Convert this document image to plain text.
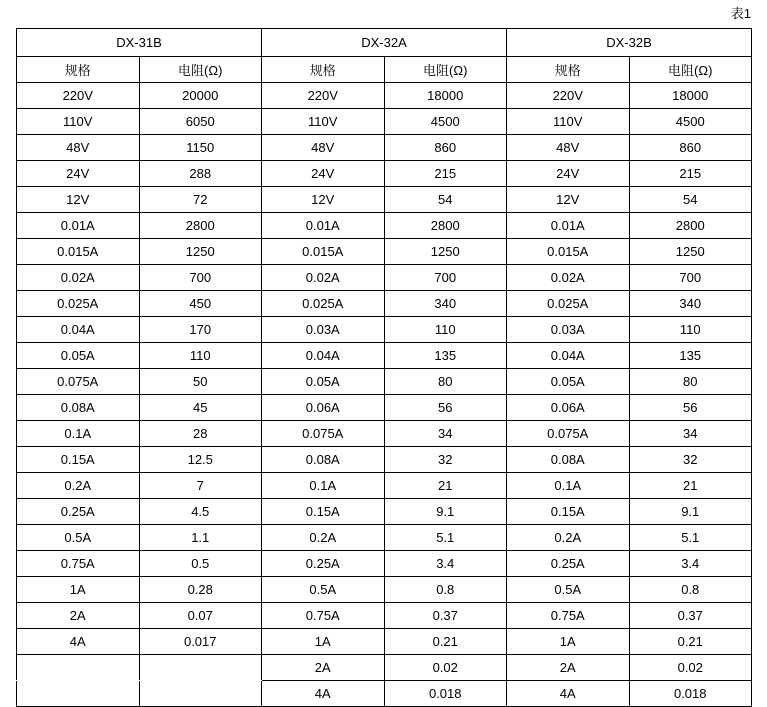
表1
DX-31B		DX-32A		DX-32B	
规格	电阻(Ω)	规格	电阻(Ω)	规格	电阻(Ω)
220V	20000	220V	18000	220V	18000
110V	6050	110V	4500	110V	4500
48V	1150	48V	860	48V	860
24V	288	24V	215	24V	215
12V	72	12V	54	12V	54
0.01A	2800	0.01A	2800	0.01A	2800
0.015A	1250	0.015A	1250	0.015A	1250
0.02A	700	0.02A	700	0.02A	700
0.025A	450	0.025A	340	0.025A	340
0.04A	170	0.03A	110	0.03A	110
0.05A	110	0.04A	135	0.04A	135
0.075A	50	0.05A	80	0.05A	80
0.08A	45	0.06A	56	0.06A	56
0.1A	28	0.075A	34	0.075A	34
0.15A	12.5	0.08A	32	0.08A	32
0.2A	7	0.1A	21	0.1A	21
0.25A	4.5	0.15A	9.1	0.15A	9.1
0.5A	1.1	0.2A	5.1	0.2A	5.1
0.75A	0.5	0.25A	3.4	0.25A	3.4
1A	0.28	0.5A	0.8	0.5A	0.8
2A	0.07	0.75A	0.37	0.75A	0.37
4A	0.017	1A	0.21	1A	0.21
		2A	0.02	2A	0.02
		4A	0.018	4A	0.018
